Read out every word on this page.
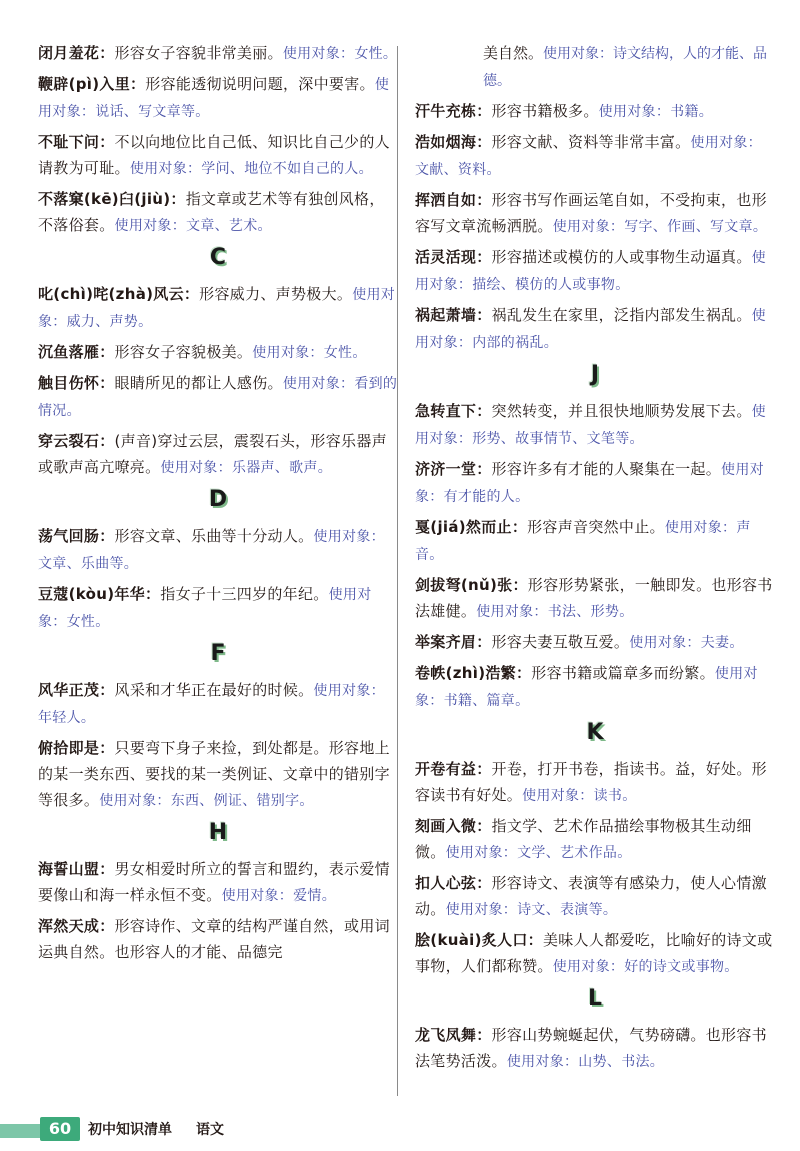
闭月羞花：形容女子容貌非常美丽。使用对象：女性。
鞭辟(pì)入里：形容能透彻说明问题，深中要害。使用对象：说话、写文章等。
不耻下问：不以向地位比自己低、知识比自己少的人请教为可耻。使用对象：学问、地位不如自己的人。
不落窠(kē)臼(jiù)：指文章或艺术等有独创风格，不落俗套。使用对象：文章、艺术。
C
叱(chì)咤(zhà)风云：形容威力、声势极大。使用对象：威力、声势。
沉鱼落雁：形容女子容貌极美。使用对象：女性。
触目伤怀：眼睛所见的都让人感伤。使用对象：看到的情况。
穿云裂石：(声音)穿过云层，震裂石头，形容乐器声或歌声高亢嘹亮。使用对象：乐器声、歌声。
D
荡气回肠：形容文章、乐曲等十分动人。使用对象：文章、乐曲等。
豆蔻(kòu)年华：指女子十三四岁的年纪。使用对象：女性。
F
风华正茂：风采和才华正在最好的时候。使用对象：年轻人。
俯拾即是：只要弯下身子来捡，到处都是。形容地上的某一类东西、要找的某一类例证、文章中的错别字等很多。使用对象：东西、例证、错别字。
H
海誓山盟：男女相爱时所立的誓言和盟约，表示爱情要像山和海一样永恒不变。使用对象：爱情。
浑然天成：形容诗作、文章的结构严谨自然，或用词运典自然。也形容人的才能、品德完
美自然。使用对象：诗文结构，人的才能、品德。
汗牛充栋：形容书籍极多。使用对象：书籍。
浩如烟海：形容文献、资料等非常丰富。使用对象：文献、资料。
挥洒自如：形容书写作画运笔自如，不受拘束，也形容写文章流畅洒脱。使用对象：写字、作画、写文章。
活灵活现：形容描述或模仿的人或事物生动逼真。使用对象：描绘、模仿的人或事物。
祸起萧墙：祸乱发生在家里，泛指内部发生祸乱。使用对象：内部的祸乱。
J
急转直下：突然转变，并且很快地顺势发展下去。使用对象：形势、故事情节、文笔等。
济济一堂：形容许多有才能的人聚集在一起。使用对象：有才能的人。
戛(jiá)然而止：形容声音突然中止。使用对象：声音。
剑拔弩(nǔ)张：形容形势紧张，一触即发。也形容书法雄健。使用对象：书法、形势。
举案齐眉：形容夫妻互敬互爱。使用对象：夫妻。
卷帙(zhì)浩繁：形容书籍或篇章多而纷繁。使用对象：书籍、篇章。
K
开卷有益：开卷，打开书卷，指读书。益，好处。形容读书有好处。使用对象：读书。
刻画入微：指文学、艺术作品描绘事物极其生动细微。使用对象：文学、艺术作品。
扣人心弦：形容诗文、表演等有感染力，使人心情激动。使用对象：诗文、表演等。
脍(kuài)炙人口：美味人人都爱吃，比喻好的诗文或事物，人们都称赞。使用对象：好的诗文或事物。
L
龙飞凤舞：形容山势蜿蜒起伏，气势磅礴。也形容书法笔势活泼。使用对象：山势、书法。
60	初中知识清单 语文
